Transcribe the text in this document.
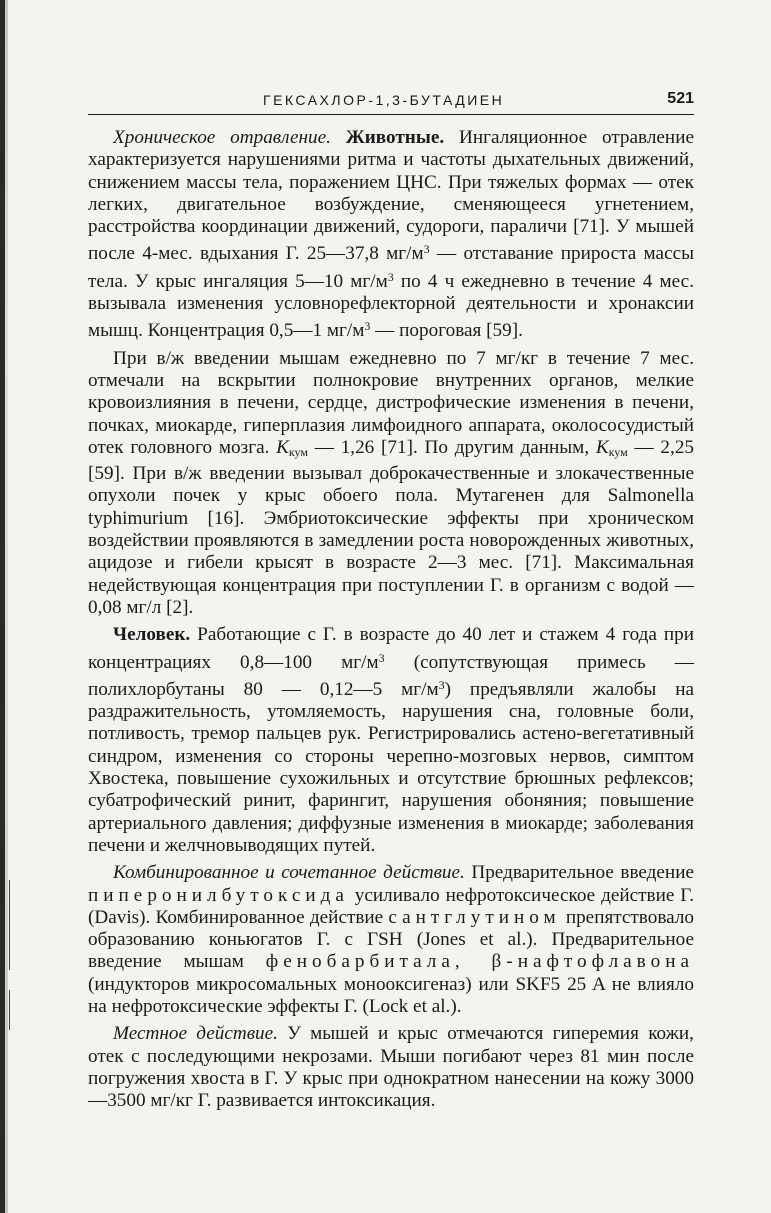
ГЕКСАХЛОР-1,3-БУТАДИЕН	521

Хроническое отравление. Животные. Ингаляционное отравление характеризуется нарушениями ритма и частоты дыхательных движений, снижением массы тела, поражением ЦНС. При тяжелых формах — отек легких, двигательное возбуждение, сменяющееся угнетением, расстройства координации движений, судороги, параличи [71]. У мышей после 4-мес. вдыхания Г. 25—37,8 $мг/м^3$ — отставание прироста массы тела. У крыс ингаляция 5—10 $мг/м^3$ по 4 ч ежедневно в течение 4 мес. вызывала изменения условнорефлекторной деятельности и хронаксии мышц. Концентрация 0,5—1 $мг/м^3$ — пороговая [59].

При в/ж введении мышам ежедневно по 7 мг/кг в течение 7 мес. отмечали на вскрытии полнокровие внутренних органов, мелкие кровоизлияния в печени, сердце, дистрофические изменения в печени, почках, миокарде, гиперплазия лимфоидного аппарата, околососудистый отек головного мозга. $К_{кум}$ — 1,26 [71]. По другим данным, $К_{кум}$ — 2,25 [59]. При в/ж введении вызывал доброкачественные и злокачественные опухоли почек у крыс обоего пола. Мутагенен для Salmonella typhimurium [16]. Эмбриотоксические эффекты при хроническом воздействии проявляются в замедлении роста новорожденных животных, ацидозе и гибели крысят в возрасте 2—3 мес. [71]. Максимальная недействующая концентрация при поступлении Г. в организм с водой — 0,08 мг/л [2].

Человек. Работающие с Г. в возрасте до 40 лет и стажем 4 года при концентрациях 0,8—100 $мг/м^3$ (сопутствующая примесь — полихлорбутаны 80 — 0,12—5 $мг/м^3$) предъявляли жалобы на раздражительность, утомляемость, нарушения сна, головные боли, потливость, тремор пальцев рук. Регистрировались астено-вегетативный синдром, изменения со стороны черепно-мозговых нервов, симптом Хвостека, повышение сухожильных и отсутствие брюшных рефлексов; субатрофический ринит, фарингит, нарушения обоняния; повышение артериального давления; диффузные изменения в миокарде; заболевания печени и желчновыводящих путей.

Комбинированное и сочетанное действие. Предварительное введение пиперонилбутоксида усиливало нефротоксическое действие Г. (Davis). Комбинированное действие с антглутином препятствовало образованию коньюгатов Г. с ГSH (Jones et al.). Предварительное введение мышам фенобарбитала, β-нафтофлавона (индукторов микросомальных монооксигеназ) или SKF5 25 A не влияло на нефротоксические эффекты Г. (Lock et al.).

Местное действие. У мышей и крыс отмечаются гиперемия кожи, отек с последующими некрозами. Мыши погибают через 81 мин после погружения хвоста в Г. У крыс при однократном нанесении на кожу 3000—3500 мг/кг Г. развивается интоксикация.
